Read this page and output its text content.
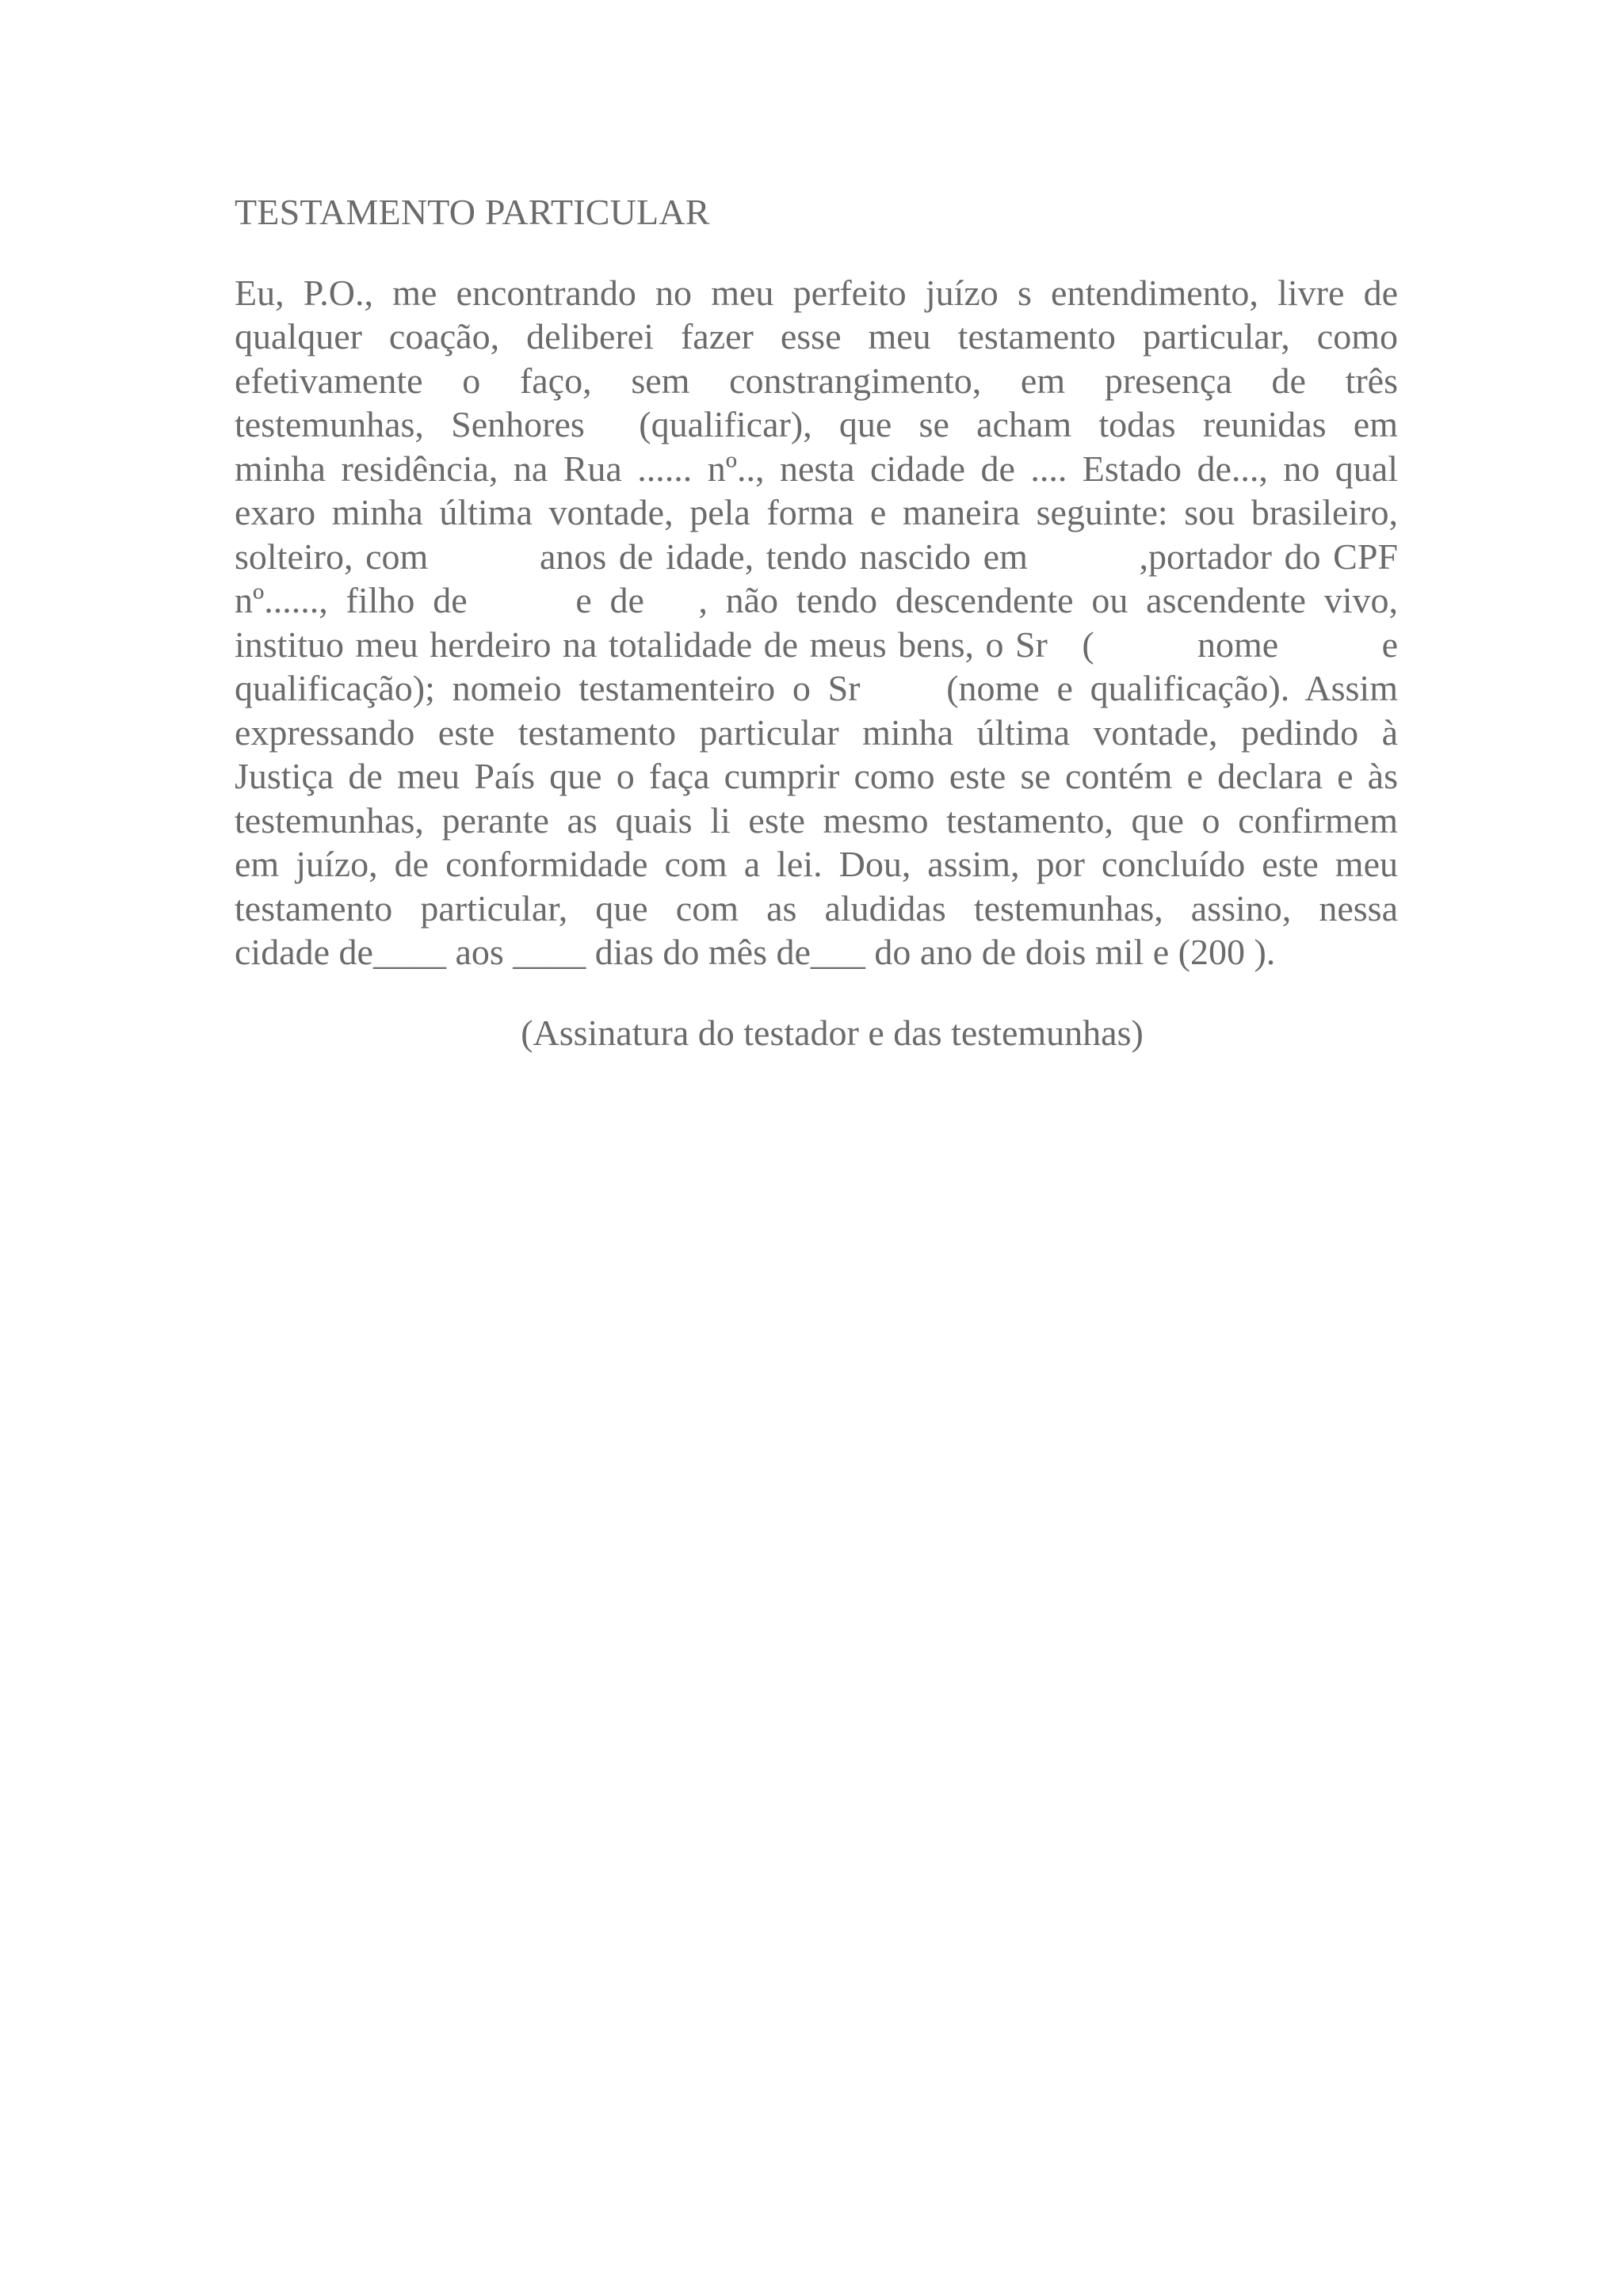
TESTAMENTO PARTICULAR
Eu, P.O., me encontrando no meu perfeito juízo s entendimento, livre de
qualquer coação, deliberei fazer esse meu testamento particular, como
efetivamente o faço, sem constrangimento, em presença de três
testemunhas, Senhores  (qualificar), que se acham todas reunidas em
minha residência, na Rua ...... nº.., nesta cidade de .... Estado de..., no qual
exaro minha última vontade, pela forma e maneira seguinte: sou brasileiro,
solteiro, com         anos de idade, tendo nascido em         ,portador do CPF
nº......, filho de      e de   , não tendo descendente ou ascendente vivo,
instituo meu herdeiro na totalidade de meus bens, o Sr   (         nome         e
qualificação); nomeio testamenteiro o Sr     (nome e qualificação). Assim
expressando este testamento particular minha última vontade, pedindo à
Justiça de meu País que o faça cumprir como este se contém e declara e às
testemunhas, perante as quais li este mesmo testamento, que o confirmem
em juízo, de conformidade com a lei. Dou, assim, por concluído este meu
testamento particular, que com as aludidas testemunhas, assino, nessa
cidade de____ aos ____ dias do mês de___ do ano de dois mil e (200 ).
(Assinatura do testador e das testemunhas)
